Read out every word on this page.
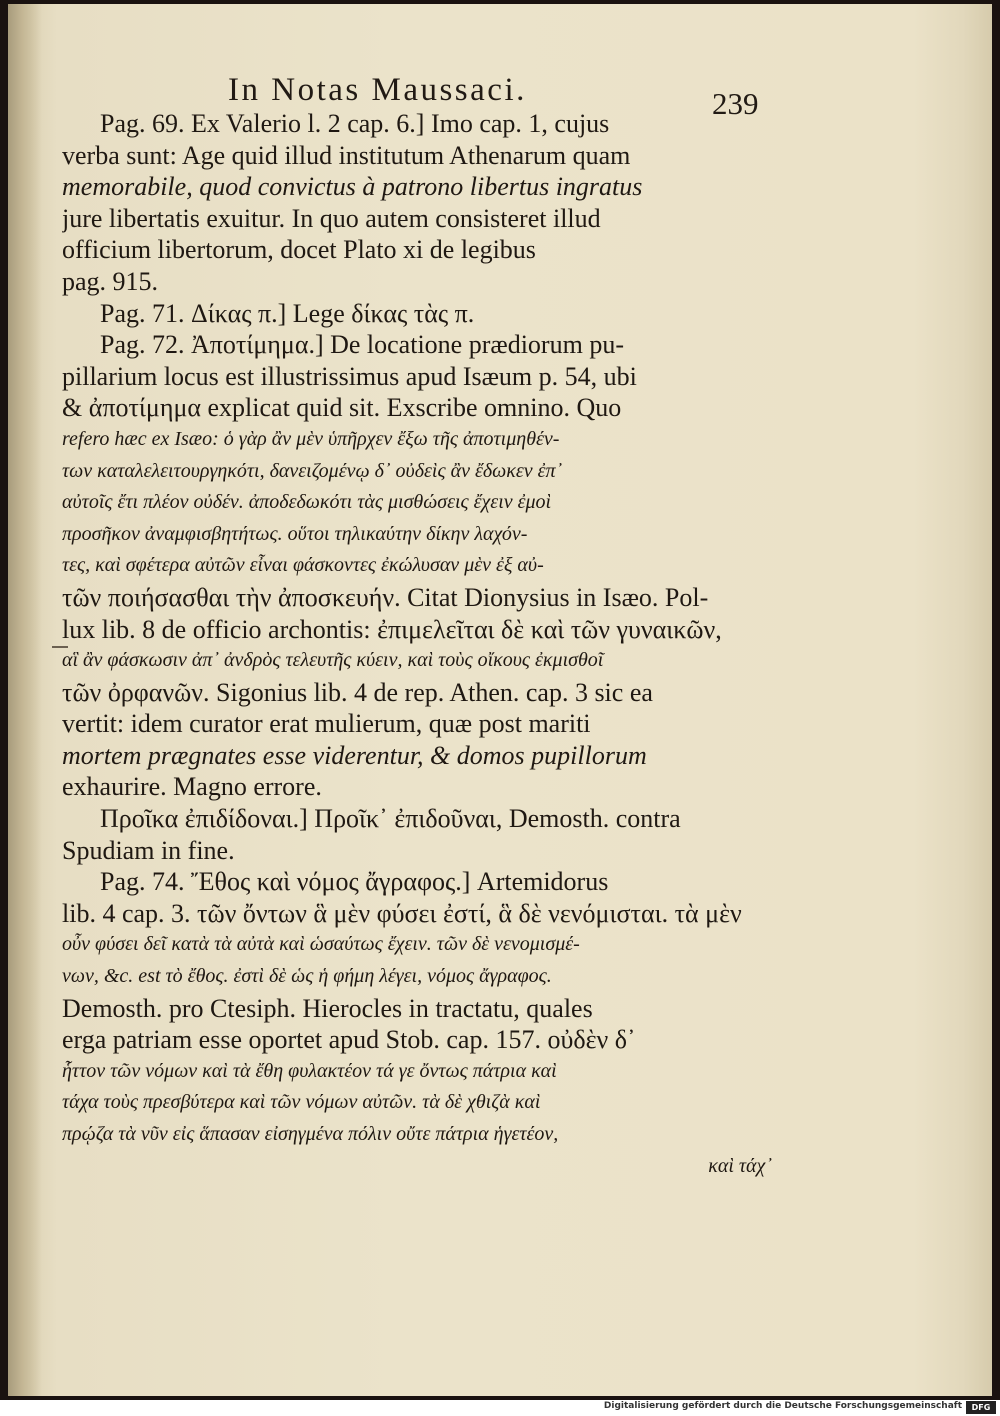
In Notas Maussaci.	239
Pag. 69. Ex Valerio l. 2 cap. 6.] Imo cap. 1, cujus
verba sunt: Age quid illud institutum Athenarum quam
memorabile, quod convictus à patrono libertus ingratus
jure libertatis exuitur. In quo autem consisteret illud
officium libertorum, docet Plato xi de legibus
pag. 915.
Pag. 71. Δίκας π.] Lege δίκας τὰς π.
Pag. 72. Ἀποτίμημα.] De locatione prædiorum pu-
pillarium locus est illustrissimus apud Isæum p. 54, ubi
& ἀποτίμημα explicat quid sit. Exscribe omnino. Quo
refero hæc ex Isæo: ὁ γὰρ ἂν μὲν ὑπῆρχεν ἔξω τῆς ἀποτιμηθέν-
των καταλελειτουργηκότι, δανειζομένῳ δ᾽ οὐδεὶς ἂν ἔδωκεν ἐπ᾽
αὐτοῖς ἔτι πλέον οὐδέν. ἀποδεδωκότι τὰς μισθώσεις ἔχειν ἐμοὶ
προσῆκον ἀναμφισβητήτως. οὕτοι τηλικαύτην δίκην λαχόν-
τες, καὶ σφέτερα αὐτῶν εἶναι φάσκοντες ἐκώλυσαν μὲν ἐξ αὐ-
τῶν ποιήσασθαι τὴν ἀποσκευήν. Citat Dionysius in Isæo. Pol-
lux lib. 8 de officio archontis: ἐπιμελεῖται δὲ καὶ τῶν γυναικῶν,
αἳ ἂν φάσκωσιν ἀπ᾽ ἀνδρὸς τελευτῆς κύειν, καὶ τοὺς οἴκους ἐκμισθοῖ
τῶν ὀρφανῶν. Sigonius lib. 4 de rep. Athen. cap. 3 sic ea
vertit: idem curator erat mulierum, quæ post mariti
mortem prægnates esse viderentur, & domos pupillorum
exhaurire. Magno errore.
Προῖκα ἐπιδίδοναι.] Προῖκ᾽ ἐπιδοῦναι, Demosth. contra
Spudiam in fine.
Pag. 74. Ἔθος καὶ νόμος ἄγραφος.] Artemidorus
lib. 4 cap. 3. τῶν ὄντων ἃ μὲν φύσει ἐστί, ἃ δὲ νενόμισται. τὰ μὲν
οὖν φύσει δεῖ κατὰ τὰ αὐτὰ καὶ ὡσαύτως ἔχειν. τῶν δὲ νενομισμέ-
νων, &c. est τὸ ἔθος. ἐστὶ δὲ ὡς ἡ φήμη λέγει, νόμος ἄγραφος.
Demosth. pro Ctesiph. Hierocles in tractatu, quales
erga patriam esse oportet apud Stob. cap. 157. οὐδὲν δ᾽
ἧττον τῶν νόμων καὶ τὰ ἔθη φυλακτέον τά γε ὄντως πάτρια καὶ
τάχα τοὺς πρεσβύτερα καὶ τῶν νόμων αὐτῶν. τὰ δὲ χθιζὰ καὶ
πρῴζα τὰ νῦν εἰς ἅπασαν εἰσηγμένα πόλιν οὔτε πάτρια ἡγετέον,
καὶ τάχ᾽
Digitalisierung gefördert durch die Deutsche Forschungsgemeinschaft	DFG
